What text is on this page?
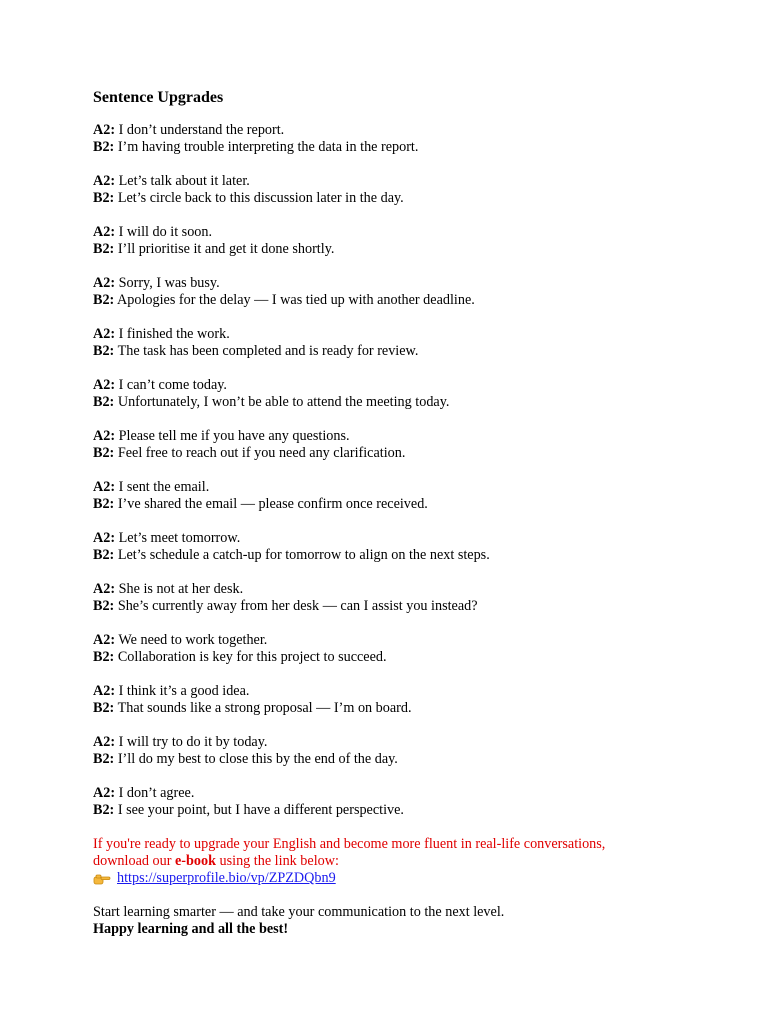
Sentence Upgrades
A2: I don’t understand the report.
B2: I’m having trouble interpreting the data in the report.
A2: Let’s talk about it later.
B2: Let’s circle back to this discussion later in the day.
A2: I will do it soon.
B2: I’ll prioritise it and get it done shortly.
A2: Sorry, I was busy.
B2: Apologies for the delay — I was tied up with another deadline.
A2: I finished the work.
B2: The task has been completed and is ready for review.
A2: I can’t come today.
B2: Unfortunately, I won’t be able to attend the meeting today.
A2: Please tell me if you have any questions.
B2: Feel free to reach out if you need any clarification.
A2: I sent the email.
B2: I’ve shared the email — please confirm once received.
A2: Let’s meet tomorrow.
B2: Let’s schedule a catch-up for tomorrow to align on the next steps.
A2: She is not at her desk.
B2: She’s currently away from her desk — can I assist you instead?
A2: We need to work together.
B2: Collaboration is key for this project to succeed.
A2: I think it’s a good idea.
B2: That sounds like a strong proposal — I’m on board.
A2: I will try to do it by today.
B2: I’ll do my best to close this by the end of the day.
A2: I don’t agree.
B2: I see your point, but I have a different perspective.
If you're ready to upgrade your English and become more fluent in real-life conversations,
download our e-book using the link below:
https://superprofile.bio/vp/ZPZDQbn9
Start learning smarter — and take your communication to the next level.
Happy learning and all the best!
